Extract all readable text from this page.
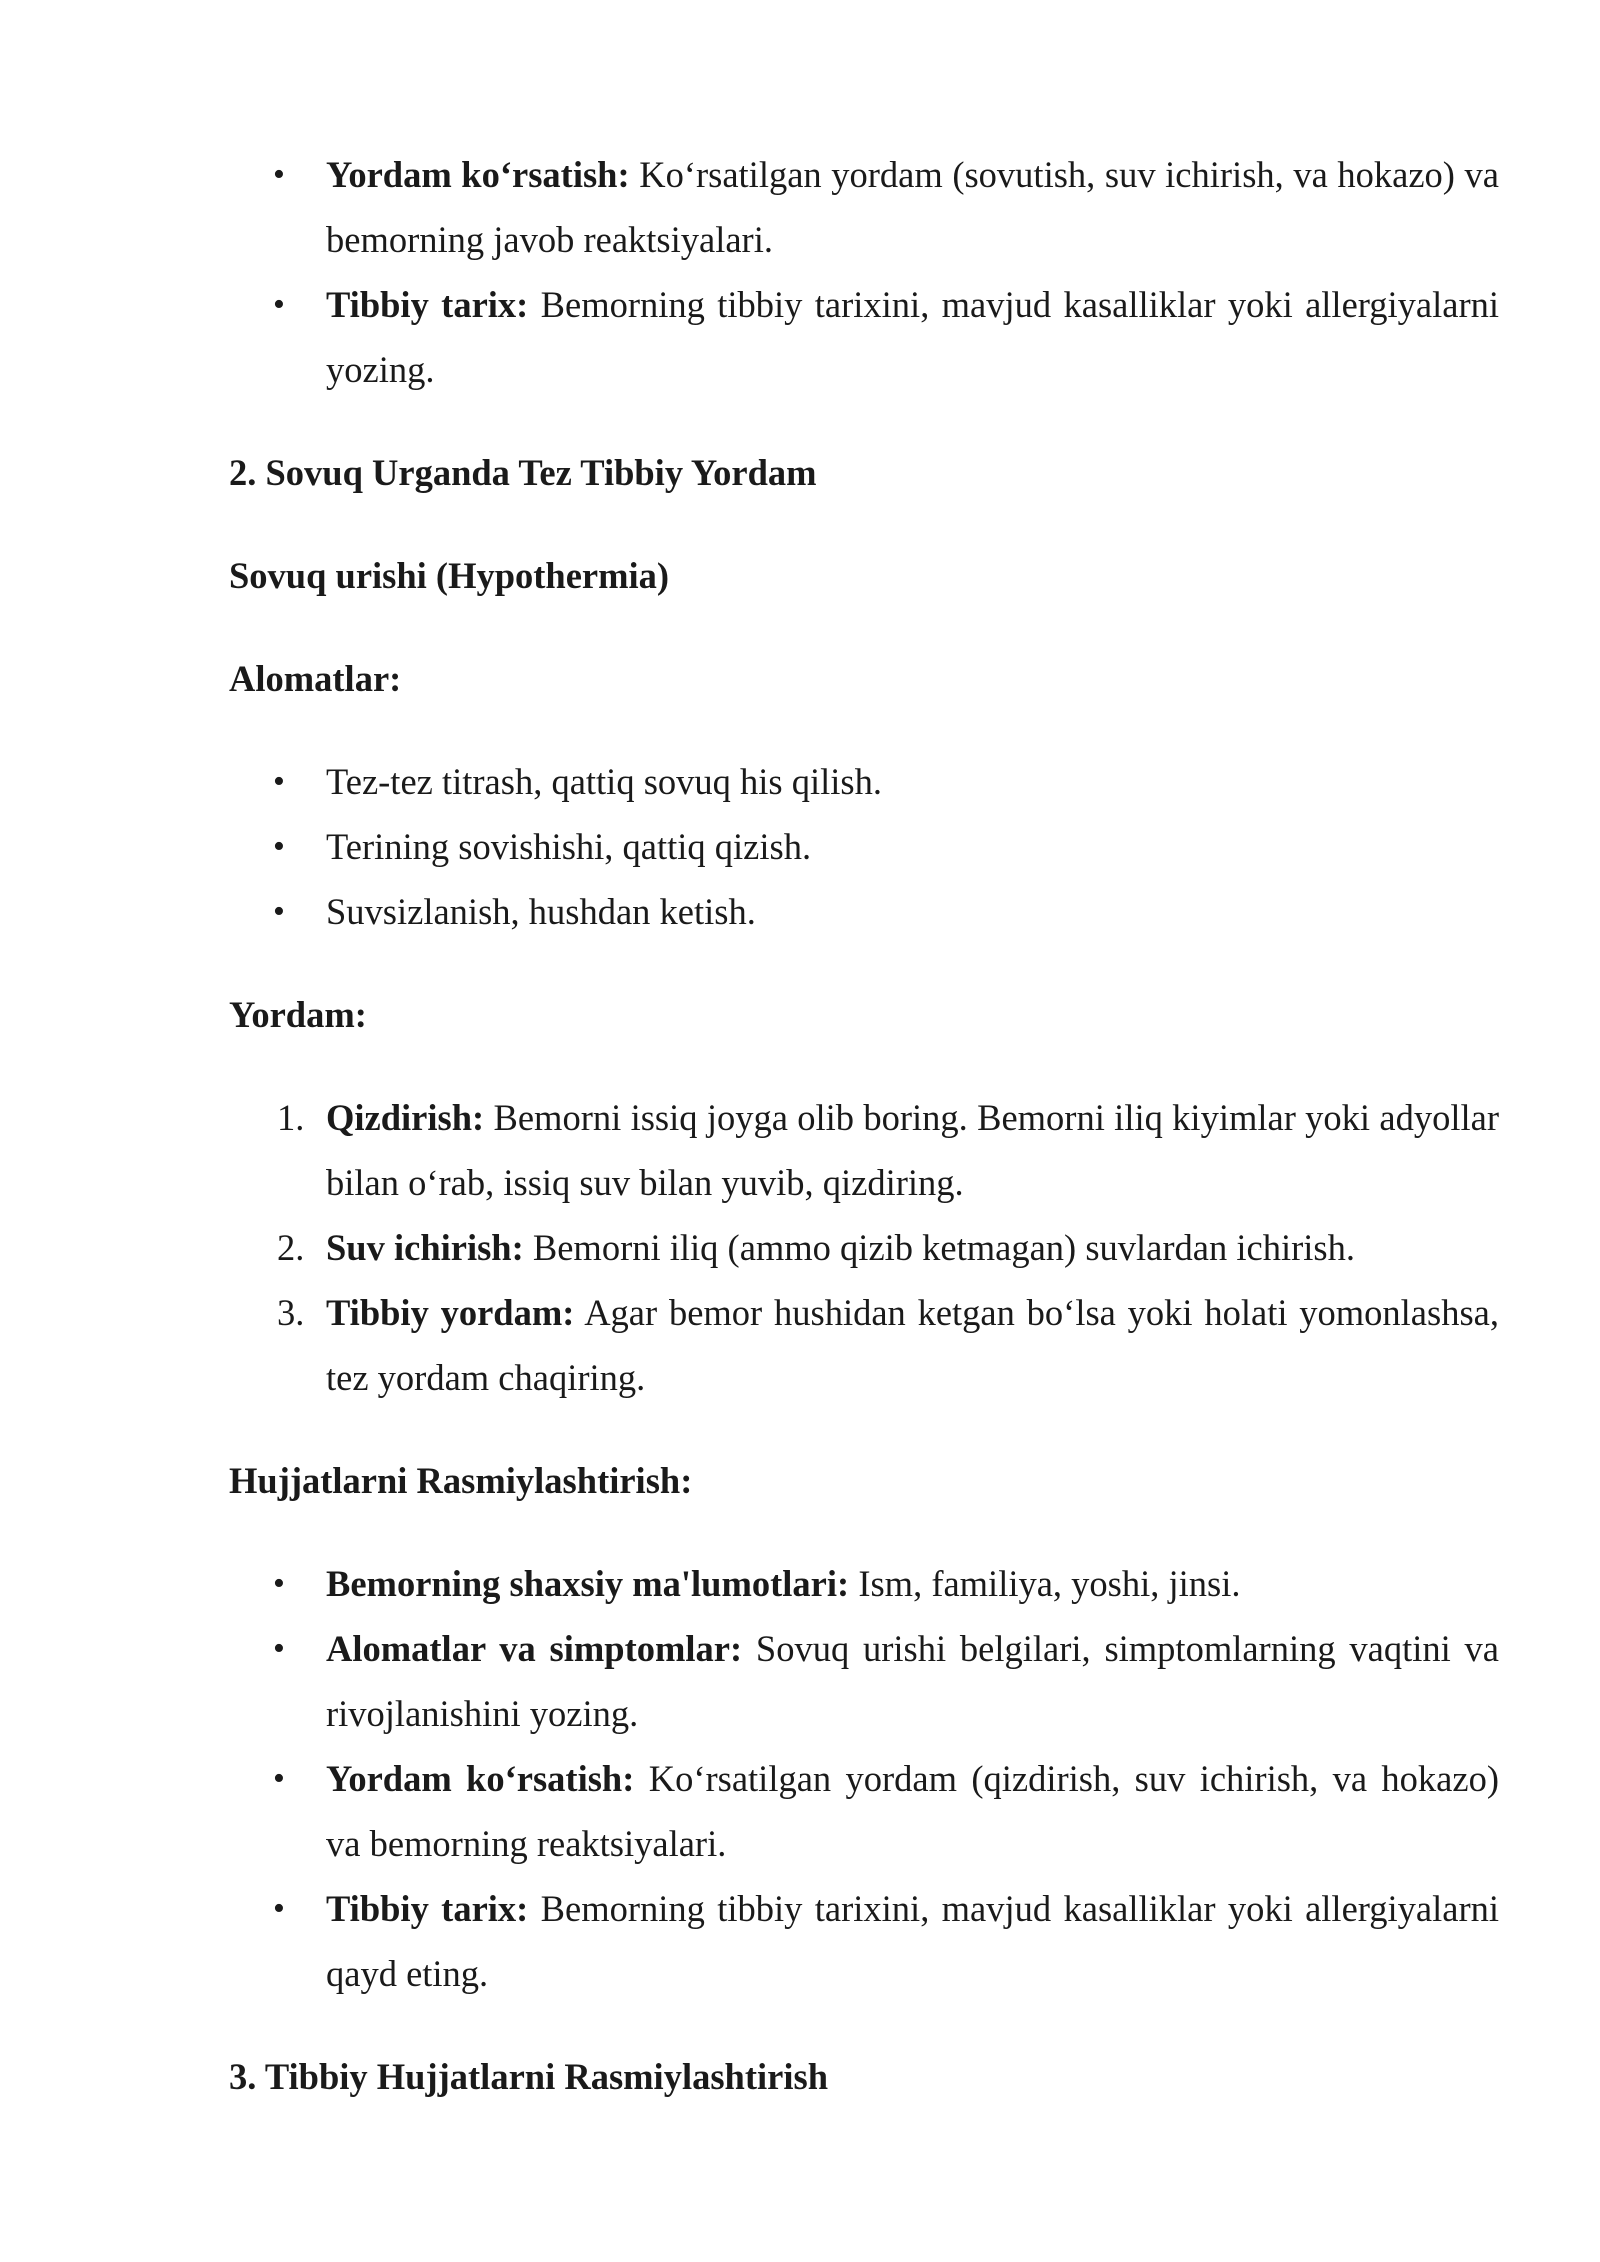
•	Yordam koʻrsatish: Koʻrsatilgan yordam (sovutish, suv ichirish, va hokazo) va bemorning javob reaktsiyalari.
•	Tibbiy tarix: Bemorning tibbiy tarixini, mavjud kasalliklar yoki allergiyalarni yozing.

2. Sovuq Urganda Tez Tibbiy Yordam

Sovuq urishi (Hypothermia)

Alomatlar:

•	Tez-tez titrash, qattiq sovuq his qilish.
•	Terining sovishishi, qattiq qizish.
•	Suvsizlanish, hushdan ketish.

Yordam:

1. Qizdirish: Bemorni issiq joyga olib boring. Bemorni iliq kiyimlar yoki adyollar bilan oʻrab, issiq suv bilan yuvib, qizdiring.
2. Suv ichirish: Bemorni iliq (ammo qizib ketmagan) suvlardan ichirish.
3. Tibbiy yordam: Agar bemor hushidan ketgan boʻlsa yoki holati yomonlashsa, tez yordam chaqiring.

Hujjatlarni Rasmiylashtirish:

•	Bemorning shaxsiy ma'lumotlari: Ism, familiya, yoshi, jinsi.
•	Alomatlar va simptomlar: Sovuq urishi belgilari, simptomlarning vaqtini va rivojlanishini yozing.
•	Yordam koʻrsatish: Koʻrsatilgan yordam (qizdirish, suv ichirish, va hokazo) va bemorning reaktsiyalari.
•	Tibbiy tarix: Bemorning tibbiy tarixini, mavjud kasalliklar yoki allergiyalarni qayd eting.

3. Tibbiy Hujjatlarni Rasmiylashtirish
